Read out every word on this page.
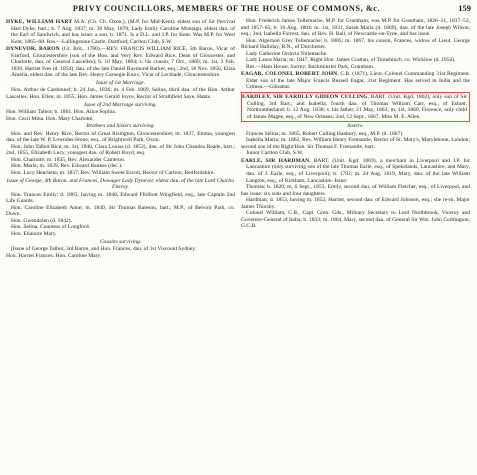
PRIVY COUNCILLORS, MEMBERS OF THE HOUSE OF COMMONS, &c.	159

DYKE, WILLIAM HART M.A. (Ch. Ch. Oxon.), (M.P. for Mid-Kent): eldest son of Sir Percival Hart Dyke, bart.; b. 7 Aug. 1837; m. 30 May, 1870, Lady Emily Caroline Montagu, eldest dau. of the Earl of Sandwich, and has issue: a son, b. 1871. Is a D.L. and J.P. for Kent. Was M.P. for West Kent, 1865–68. Res.—Lullingstone Castle, Dartford; Carlton Club, S.W.

DYNEVOR, BARON (Gt. Brit., 1780).—REV. FRANCIS WILLIAM RICE, 5th Baron, Vicar of Fairford, Gloucestershire (son of the Hon. and Very Rev. Edward Rice, Dean of Gloucester, and Charlotte, dau. of General Lascelles); b. 10 May, 1804; s. his cousin, 7 Oct., 1869; m. 1st, 3 Feb. 1830, Harriet Ives (d. 1854), dau. of the late Daniel Raymond Barker, esq.; 2nd, 18 Nov. 1856, Eliza Amelia, eldest dau. of the late Rev. Henry Carnegie Knox, Vicar of Lechlade, Gloucestershire.

Issue of 1st Marriage.

Hon. Arthur de Cardonnel; b. 24 Jan., 1836; m. 4 Feb. 1869, Selina, third dau. of the Hon. Arthur Lascelles. Hon. Ellen; m. 1855, Hon. James Gerald Joyce, Rector of Strathfield Saye, Hants.

Issue of 2nd Marriage surviving.

Hon. William Talbot; b. 1861. Hon. Alice Sophia.

Hon. Cecil Mina. Hon. Mary Charlotte.

Brothers and Sisters surviving.

Hon. and Rev. Henry Rice, Rector of Great Risington, Gloucestershire; m. 1837, Emma, youngest dau. of the late W. P. Lowndes-Stone, esq., of Brightwell Park, Oxon.

Hon. John Talbot Rice; m. 1st, 1846, Clara Louisa (d. 1853), dau. of Sir John Chandos Reade, bart.; 2nd, 1855, Elizabeth Lucy, youngest dau. of Robert Boyd, esq.

Hon. Charlotte; m. 1835, Rev. Alexander Cameron.

Hon. Maria; m. 1839, Rev. Edward Bankes (dec.).

Hon. Lucy Henrietta; m. 1837, Rev. William Sweet Escott, Rector of Carlton, Bedfordshire.

Issue of George, 4th Baron, and Frances, Dowager Lady Dynevor, eldest dau. of the late Lord Charles Fitzroy.

Hon. Frances Emily; d. 1863, having m. 1848, Edward Ffolliott Wingfield, esq., late Captain 2nd Life Guards.

Hon. Caroline Elizabeth Anne; m. 1849, Sir Thomas Bateson, bart., M.P., of Belvoir Park, co. Down.

Hon. Gwendolen (d. 1842).

Hon. Selina, Countess of Longford.

Hon. Elianore Mary.

Cousins surviving.

[Issue of George Talbot, 3rd Baron, and Hon. Frances, dau. of 1st Viscount Sydney.

Hon. Harriet Frances. Hon. Caroline Mary.

Hon. Frederick James Tollemache, M.P. for Grantham; was M.P. for Grantham, 1826–31, 1837–52, and 1857–65; b. 16 Aug. 1804; m. 1st, 1831, Sarah Maria (d. 1869), dau. of the late Joseph Wilson, esq.; 2nd, Isabella Forrest, dau. of Rev. H. Ball, of Newcastle-on-Tyne, and has issue.

Hon. Algernon Grey Tollemache; b. 1805; m. 1867, his cousin, Frances, widow of Lieut. George Richard Halliday, R.N., of Dorchester.

Lady Catherine Octavia Tollemache.

Lady Laura Maria; m. 1847, Right Hon. James Grattan, of Tinnehinch, co. Wicklow (d. 1854).

Res.—Ham House, Surrey; Buckminster Park, Grantham.

EAGAR, COLONEL ROBERT JOHN, C.B. (1871), Lieut.-Colonel Commanding 31st Regiment. Elder son of the late Major Francis Russell Eagar, 31st Regiment. Has served in India and the Crimea.—Gibraltar.

EARDLEY, SIR EARDLEY GIDEON CULLING, BART. (Unit. Kgd. 1802), only son of Sir Culling, 3rd Bart., and Isabella, fourth dau. of Thomas William Carr, esq., of Eshott, Northumberland; b. 12 Aug. 1838; s. his father, 21 May, 1863; m. 1st, 1860, Florence, only child of James Magee, esq., of New Orleans; 2nd, 12 Sept., 1867, Miss M. E. Allen.

Sisters.

Frances Selina; m. 1865, Robert Culling Hanbury, esq., M.P. (d. 1867).

Isabella Maria; m. 1862, Rev. William Henry Fremantle, Rector of St. Mary's, Marylebone, London; second son of the Right Hon. Sir Thomas F. Fremantle, bart.

Junior Carlton Club, S.W.

EARLE, SIR HARDMAN, BART. (Unit. Kgd. 1869), a merchant in Liverpool and J.P. for Lancashire (only surviving son of the late Thomas Earle, esq., of Spekelands, Lancashire, and Mary, dau. of J. Earle, esq., of Liverpool); b. 1792; m. 24 Aug. 1819, Mary, dau. of the late William Langton, esq., of Kirkham, Lancashire. Issue:

Thomas; b. 1820; m. 6 Sept., 1853, Emily, second dau. of William Fletcher, esq., of Liverpool, and has issue: six sons and four daughters.

Hardman; d. 1853, having m. 1852, Harriet, second dau. of Edward Johnson, esq.; she re-m. Major James Thursby.

Colonel William, C.B., Capt. Gren. Gds., Military Secretary to Lord Northbrook, Viceroy and Governor-General of India; b. 1833; m. 1864, Mary, second dau. of General Sir Wm. John Codrington, G.C.B.
